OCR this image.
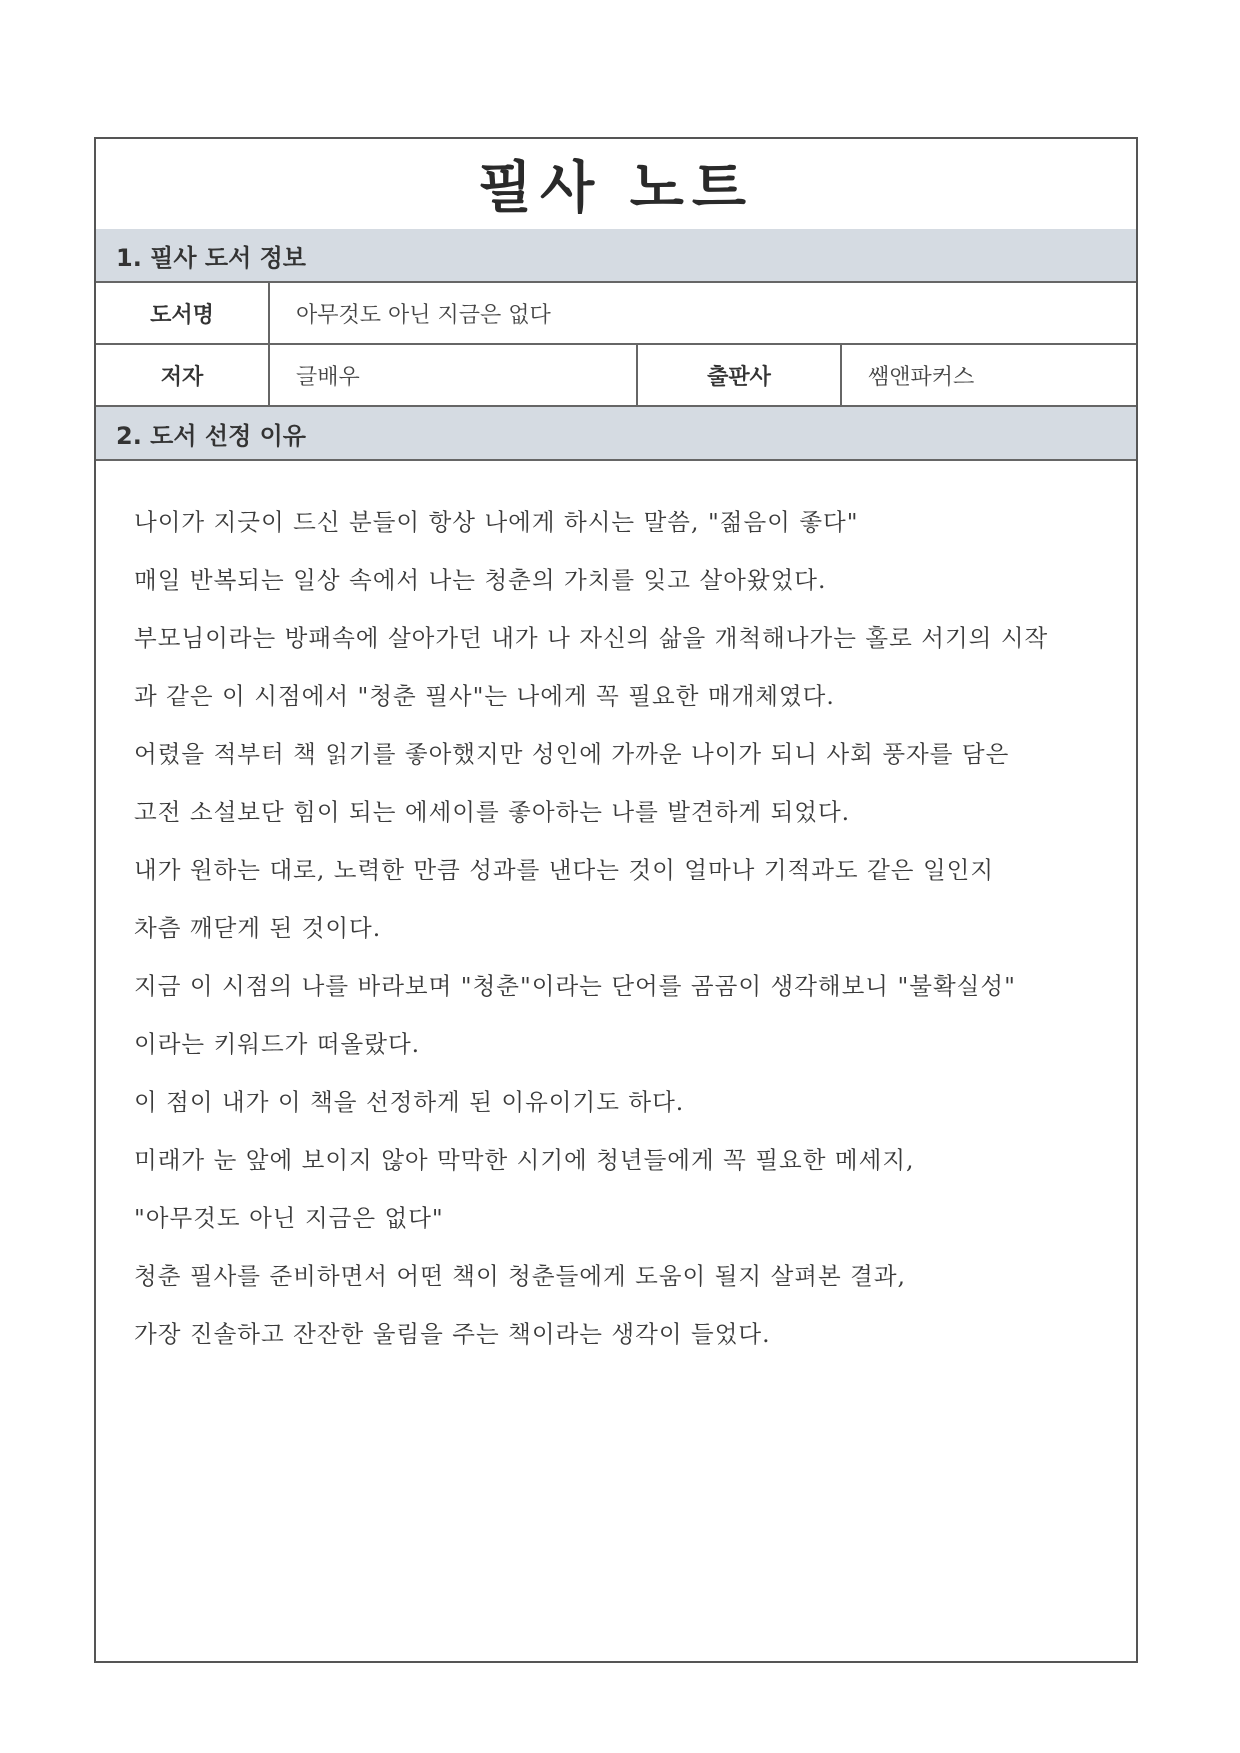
필사 노트
1. 필사 도서 정보
도서명	아무것도 아닌 지금은 없다
저자	글배우	출판사	쌤앤파커스
2. 도서 선정 이유
나이가 지긋이 드신 분들이 항상 나에게 하시는 말씀, "젊음이 좋다"
매일 반복되는 일상 속에서 나는 청춘의 가치를 잊고 살아왔었다.
부모님이라는 방패속에 살아가던 내가 나 자신의 삶을 개척해나가는 홀로 서기의 시작
과 같은 이 시점에서 "청춘 필사"는 나에게 꼭 필요한 매개체였다.
어렸을 적부터 책 읽기를 좋아했지만 성인에 가까운 나이가 되니 사회 풍자를 담은
고전 소설보단 힘이 되는 에세이를 좋아하는 나를 발견하게 되었다.
내가 원하는 대로, 노력한 만큼 성과를 낸다는 것이 얼마나 기적과도 같은 일인지
차츰 깨닫게 된 것이다.
지금 이 시점의 나를 바라보며 "청춘"이라는 단어를 곰곰이 생각해보니 "불확실성"
이라는 키워드가 떠올랐다.
이 점이 내가 이 책을 선정하게 된 이유이기도 하다.
미래가 눈 앞에 보이지 않아 막막한 시기에 청년들에게 꼭 필요한 메세지,
"아무것도 아닌 지금은 없다"
청춘 필사를 준비하면서 어떤 책이 청춘들에게 도움이 될지 살펴본 결과,
가장 진솔하고 잔잔한 울림을 주는 책이라는 생각이 들었다.
